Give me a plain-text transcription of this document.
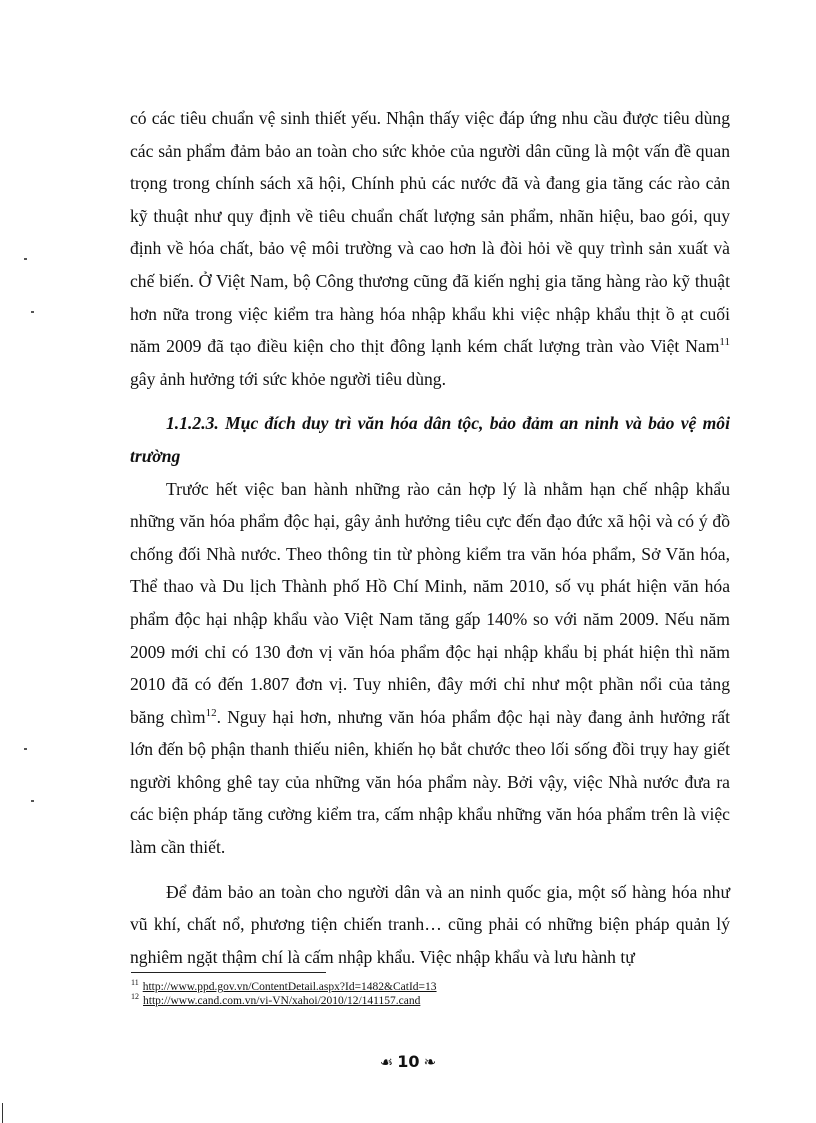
có các tiêu chuẩn vệ sinh thiết yếu. Nhận thấy việc đáp ứng nhu cầu được tiêu dùng các sản phẩm đảm bảo an toàn cho sức khỏe của người dân cũng là một vấn đề quan trọng trong chính sách xã hội, Chính phủ các nước đã và đang gia tăng các rào cản kỹ thuật như quy định về tiêu chuẩn chất lượng sản phẩm, nhãn hiệu, bao gói, quy định về hóa chất, bảo vệ môi trường và cao hơn là đòi hỏi về quy trình sản xuất và chế biến. Ở Việt Nam, bộ Công thương cũng đã kiến nghị gia tăng hàng rào kỹ thuật hơn nữa trong việc kiểm tra hàng hóa nhập khẩu khi việc nhập khẩu thịt ồ ạt cuối năm 2009 đã tạo điều kiện cho thịt đông lạnh kém chất lượng tràn vào Việt Nam$^{11}$ gây ảnh hưởng tới sức khỏe người tiêu dùng.

1.1.2.3. Mục đích duy trì văn hóa dân tộc, bảo đảm an ninh và bảo vệ môi trường

Trước hết việc ban hành những rào cản hợp lý là nhằm hạn chế nhập khẩu những văn hóa phẩm độc hại, gây ảnh hưởng tiêu cực đến đạo đức xã hội và có ý đồ chống đối Nhà nước. Theo thông tin từ phòng kiểm tra văn hóa phẩm, Sở Văn hóa, Thể thao và Du lịch Thành phố Hồ Chí Minh, năm 2010, số vụ phát hiện văn hóa phẩm độc hại nhập khẩu vào Việt Nam tăng gấp 140% so với năm 2009. Nếu năm 2009 mới chỉ có 130 đơn vị văn hóa phẩm độc hại nhập khẩu bị phát hiện thì năm 2010 đã có đến 1.807 đơn vị. Tuy nhiên, đây mới chỉ như một phần nổi của tảng băng chìm$^{12}$. Nguy hại hơn, nhưng văn hóa phẩm độc hại này đang ảnh hưởng rất lớn đến bộ phận thanh thiếu niên, khiến họ bắt chước theo lối sống đồi trụy hay giết người không ghê tay của những văn hóa phẩm này. Bởi vậy, việc Nhà nước đưa ra các biện pháp tăng cường kiểm tra, cấm nhập khẩu những văn hóa phẩm trên là việc làm cần thiết.

Để đảm bảo an toàn cho người dân và an ninh quốc gia, một số hàng hóa như vũ khí, chất nổ, phương tiện chiến tranh… cũng phải có những biện pháp quản lý nghiêm ngặt thậm chí là cấm nhập khẩu. Việc nhập khẩu và lưu hành tự

$^{11}$ http://www.ppd.gov.vn/ContentDetail.aspx?Id=1482&CatId=13
$^{12}$ http://www.cand.com.vn/vi-VN/xahoi/2010/12/141157.cand
☙ 10 ❧
